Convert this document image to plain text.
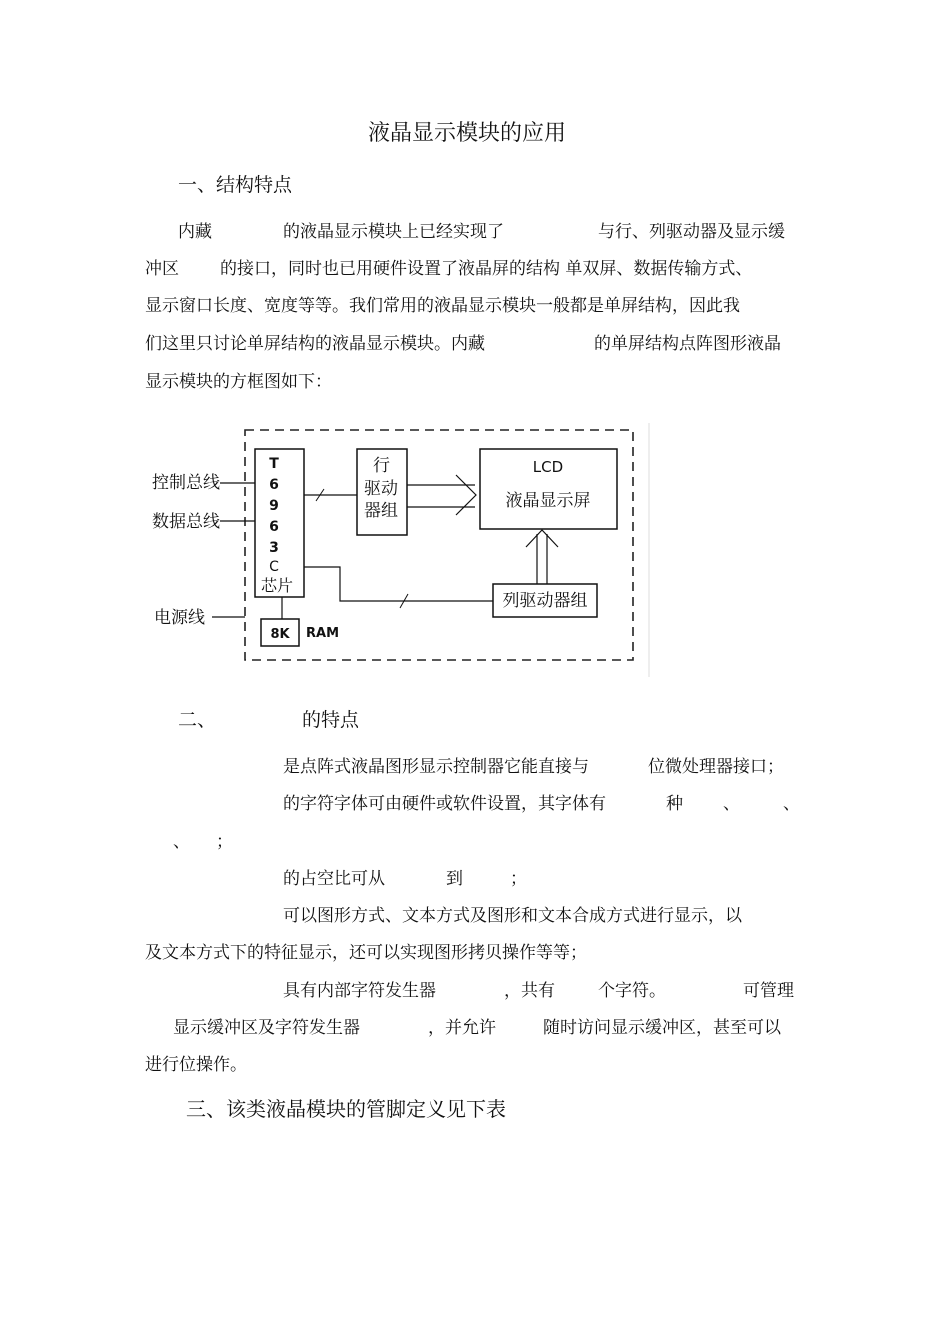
液晶显示模块的应用
一、结构特点
内藏	的液晶显示模块上已经实现了	与行、列驱动器及显示缓
冲区 的接口，同时也已用硬件设置了液晶屏的结构 单双屏、数据传输方式、
显示窗口长度、宽度等等。我们常用的液晶显示模块一般都是单屏结构，因此我
们这里只讨论单屏结构的液晶显示模块。内藏	的单屏结构点阵图形液晶
显示模块的方框图如下：
T
6
9
6
3
C
芯片
控制总线
数据总线
电源线
行
驱动
器组
LCD
液晶显示屏
列驱动器组
8K RAM
二、	的特点
是点阵式液晶图形显示控制器它能直接与	位微处理器接口；
的字符字体可由硬件或软件设置，其字体有	种 、	、
、 ；
的占空比可从	到	；
可以图形方式、文本方式及图形和文本合成方式进行显示，以
及文本方式下的特征显示，还可以实现图形拷贝操作等等；
具有内部字符发生器	，共有	个字符。	可管理
显示缓冲区及字符发生器	，并允许	随时访问显示缓冲区，甚至可以
进行位操作。
三、该类液晶模块的管脚定义见下表
